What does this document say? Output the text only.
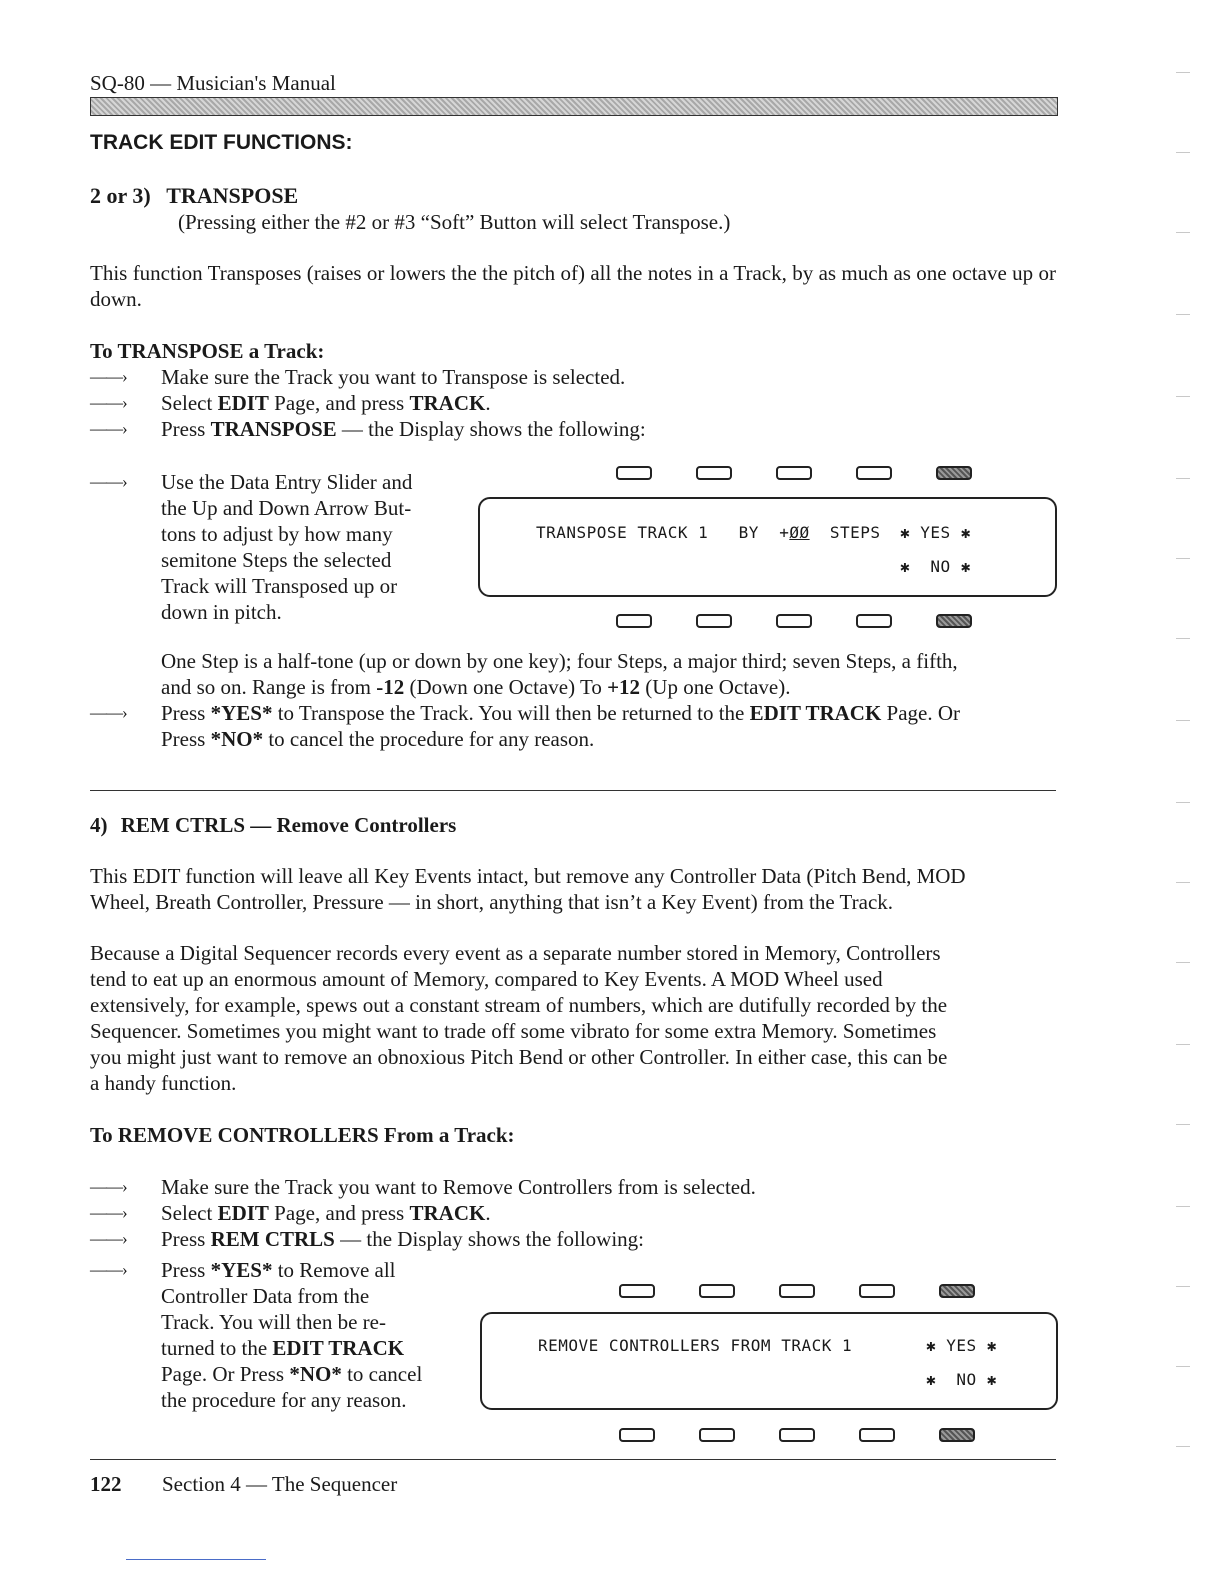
SQ-80 — Musician's Manual
TRACK EDIT FUNCTIONS:
2 or 3) TRANSPOSE
(Pressing either the #2 or #3 “Soft” Button will select Transpose.)
This function Transposes (raises or lowers the the pitch of) all the notes in a Track, by as much as one octave up or down.
To TRANSPOSE a Track:
——›	Make sure the Track you want to Transpose is selected.
——›	Select EDIT Page, and press TRACK.
——›	Press TRANSPOSE — the Display shows the following:
——›	Use the Data Entry Slider and
the Up and Down Arrow But-
tons to adjust by how many
semitone Steps the selected
Track will Transposed up or
down in pitch.
TRANSPOSE TRACK 1   BY  +ØØ  STEPS ✱ YES ✱
✱  NO ✱
One Step is a half-tone (up or down by one key); four Steps, a major third; seven Steps, a fifth,
and so on. Range is from -12 (Down one Octave) To +12 (Up one Octave).
——›	Press *YES* to Transpose the Track. You will then be returned to the EDIT TRACK Page. Or
Press *NO* to cancel the procedure for any reason.
4) REM CTRLS — Remove Controllers
This EDIT function will leave all Key Events intact, but remove any Controller Data (Pitch Bend, MOD
Wheel, Breath Controller, Pressure — in short, anything that isn’t a Key Event) from the Track.
Because a Digital Sequencer records every event as a separate number stored in Memory, Controllers
tend to eat up an enormous amount of Memory, compared to Key Events. A MOD Wheel used
extensively, for example, spews out a constant stream of numbers, which are dutifully recorded by the
Sequencer. Sometimes you might want to trade off some vibrato for some extra Memory. Sometimes
you might just want to remove an obnoxious Pitch Bend or other Controller. In either case, this can be
a handy function.
To REMOVE CONTROLLERS From a Track:
——›	Make sure the Track you want to Remove Controllers from is selected.
——›	Select EDIT Page, and press TRACK.
——›	Press REM CTRLS — the Display shows the following:
——›	Press *YES* to Remove all
Controller Data from the
Track. You will then be re-
turned to the EDIT TRACK
Page. Or Press *NO* to cancel
the procedure for any reason.
REMOVE CONTROLLERS FROM TRACK 1	✱ YES ✱
✱  NO ✱
122 Section 4 — The Sequencer
